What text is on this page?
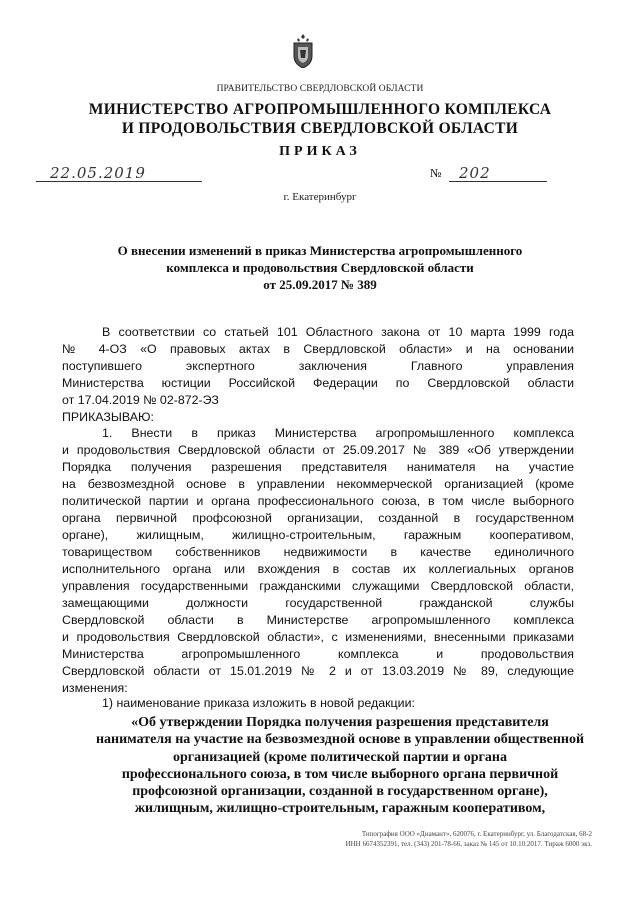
ПРАВИТЕЛЬСТВО СВЕРДЛОВСКОЙ ОБЛАСТИ
МИНИСТЕРСТВО АГРОПРОМЫШЛЕННОГО КОМПЛЕКСА
И ПРОДОВОЛЬСТВИЯ СВЕРДЛОВСКОЙ ОБЛАСТИ
ПРИКАЗ
22.05.2019	№	202
г. Екатеринбург
О внесении изменений в приказ Министерства агропромышленного
комплекса и продовольствия Свердловской области
от 25.09.2017 № 389
В соответствии со статьей 101 Областного закона от 10 марта 1999 года
№ 4-ОЗ «О правовых актах в Свердловской области» и на основании
поступившего экспертного заключения Главного управления
Министерства юстиции Российской Федерации по Свердловской области
от 17.04.2019 № 02-872-ЭЗ
ПРИКАЗЫВАЮ:
1. Внести в приказ Министерства агропромышленного комплекса
и продовольствия Свердловской области от 25.09.2017 № 389 «Об утверждении
Порядка получения разрешения представителя нанимателя на участие
на безвозмездной основе в управлении некоммерческой организацией (кроме
политической партии и органа профессионального союза, в том числе выборного
органа первичной профсоюзной организации, созданной в государственном
органе), жилищным, жилищно-строительным, гаражным кооперативом,
товариществом собственников недвижимости в качестве единоличного
исполнительного органа или вхождения в состав их коллегиальных органов
управления государственными гражданскими служащими Свердловской области,
замещающими должности государственной гражданской службы
Свердловской области в Министерстве агропромышленного комплекса
и продовольствия Свердловской области», с изменениями, внесенными приказами
Министерства агропромышленного комплекса и продовольствия
Свердловской области от 15.01.2019 № 2 и от 13.03.2019 № 89, следующие
изменения:
1) наименование приказа изложить в новой редакции:
«Об утверждении Порядка получения разрешения представителя
нанимателя на участие на безвозмездной основе в управлении общественной
организацией (кроме политической партии и органа
профессионального союза, в том числе выборного органа первичной
профсоюзной организации, созданной в государственном органе),
жилищным, жилищно-строительным, гаражным кооперативом,
Типография ООО «Диамант», 620076, г. Екатеринбург, ул. Благодатская, 68-2
ИНН 6674352391, тел. (343) 201-78-66, заказ № 145 от 10.10.2017. Тираж 6000 экз.
